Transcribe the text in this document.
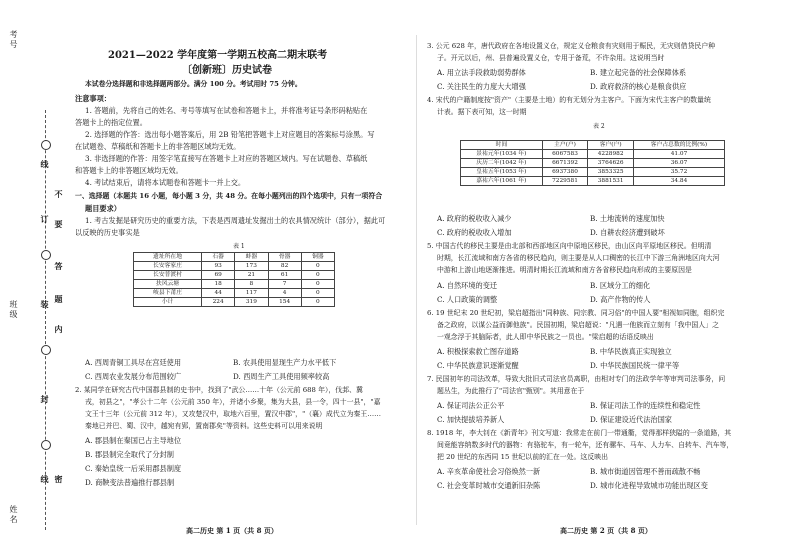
考号
班级
姓名
线
不
要
订
答
题
装
内
封
线 密
2021—2022 学年度第一学期五校高二期末联考
〔创新班〕历史试卷
本试卷分选择题和非选择题两部分。满分 100 分。考试用时 75 分钟。
注意事项：
1. 答题前，先将自己的姓名、考号等填写在试卷和答题卡上，并将准考证号条形码粘贴在
答题卡上的指定位置。
2. 选择题的作答：选出每小题答案后，用 2B 铅笔把答题卡上对应题目的答案标号涂黑。写
在试题卷、草稿纸和答题卡上的非答题区域均无效。
3. 非选择题的作答：用签字笔直接写在答题卡上对应的答题区域内。写在试题卷、草稿纸
和答题卡上的非答题区域均无效。
4. 考试结束后，请将本试题卷和答题卡一并上交。
一、选择题（本题共 16 小题，每小题 3 分，共 48 分。在每小题列出的四个选项中，只有一项符合
题目要求）
1. 考古发掘是研究历史的重要方法，下表是西周遗址发掘出土的农具情况统计（部分），据此可
以反映的历史事实是
表 1
遗址所在地	石器	蚌器	骨器	铜器
长安客家庄	93	173	82	0
长安普渡村	69	21	61	0
扶风云塘	18	8	7	0
岐县下莆庄	44	117	4	0
小计	224	319	154	0
A. 西周青铜工具尽在宫廷使用	B. 农具使用显现生产力水平低下
C. 西周农业发展分布范围较广	D. 西周生产工具使用频率较高
2. 某同学在研究古代中国郡县制的史书中，找到了"武公……十年（公元前 688 年），伐邽、冀
戎，初县之"，"孝公十二年（公元前 350 年），并诸小乡聚，集为大县，县一令，四十一县"，"嘉
文王十三年（公元前 312 年），又攻楚汉中，取地六百里，置汉中郡"，"（襄）成代立为秦王……
秦地已并巴、蜀、汉中，越宛有郢，置南郡矣"等资料。这些史料可以用来说明
A. 郡县制在秦国已占主导地位
B. 郡县制完全取代了分封制
C. 秦始皇统一后采用郡县制度
D. 商鞅变法普遍推行郡县制
高二历史 第 1 页（共 8 页）
3. 公元 628 年，唐代政府在各地设置义仓，规定义仓粮食有灾则用于赈民，无灾则借贷民户种
子。开元以后，州、县普遍设置义仓，专用于备荒，不许杂用。这说明当时
A. 用立法手段救助弱势群体	B. 建立起完备的社会保障体系
C. 关注民生的力度大大增强	D. 政府救济的核心是粮食供应
4. 宋代的户籍制度按"资产"（主要是土地）的有无划分为主客户。下面为宋代主客户的数量统
计表。据下表可知，这一时期
表 2
时间	主户(户)	客户(户)	客户占总数的比例(%)
景祐元年(1034 年)	6067583	4228982	41.07
庆历二年(1042 年)	6671392	3764626	36.07
皇祐五年(1053 年)	6937380	3853325	35.72
嘉祐六年(1061 年)	7229581	3881531	34.84
A. 政府的税收收入减少	B. 土地流转的速度加快
C. 政府的税收收入增加	D. 自耕农经济遭到破坏
5. 中国古代的移民主要是由北部和西部地区向中原地区移民，由山区向平原地区移民。但明清
时期，长江流域和南方各省的移民趋向，则主要是从人口稠密的长江中下游三角洲地区向大河
中游和上游山地逐渐推进。明清时期长江流域和南方各省移民趋向形成的主要原因是
A. 自然环境的变迁	B. 区域分工的细化
C. 人口政策的调整	D. 高产作物的传人
6. 19 世纪末 20 世纪初，梁启超指出"同种族、同宗教、同习俗"的中国人要"相视如同胞，组织完
备之政府，以谋公益而御他族"。民国初期，梁启超说："凡遇一他族而立刻有「我中国人」之
一观念浮于其脑际者，此人即中华民族之一员也。"梁启超的话语反映出
A. 积极探索救亡图存道路	B. 中华民族真正实现独立
C. 中华民族意识逐渐觉醒	D. 中华民族国民统一律平等
7. 民国初年的司法改革，导致大批旧式司法官员离职，由相对专门的法政学年等审判司法事务，问
题丛生，为此推行了"司法官"甄别"。其用意在于
A. 保证司法公正公平	B. 保证司法工作的连续性和稳定性
C. 加快提拔培养新人	D. 保证建设近代法治国家
8. 1918 年，李大钊在《新青年》刊文写道：我常走在前门一带通衢，觉得那样狭隘的一条道路，其
间竟能容纳数多时代的器物：有骆驼车，有一轮车，还有骡车、马车、人力车、自转车、汽车等，
把 20 世纪的东西同 15 世纪以前的汇在一处。这反映出
A. 辛亥革命使社会习俗焕然一新	B. 城市街道因管理不善而疏散不畅
C. 社会变革时城市交通新旧杂陈	D. 城市化进程导致城市功能出现区变
高二历史 第 2 页（共 8 页）
